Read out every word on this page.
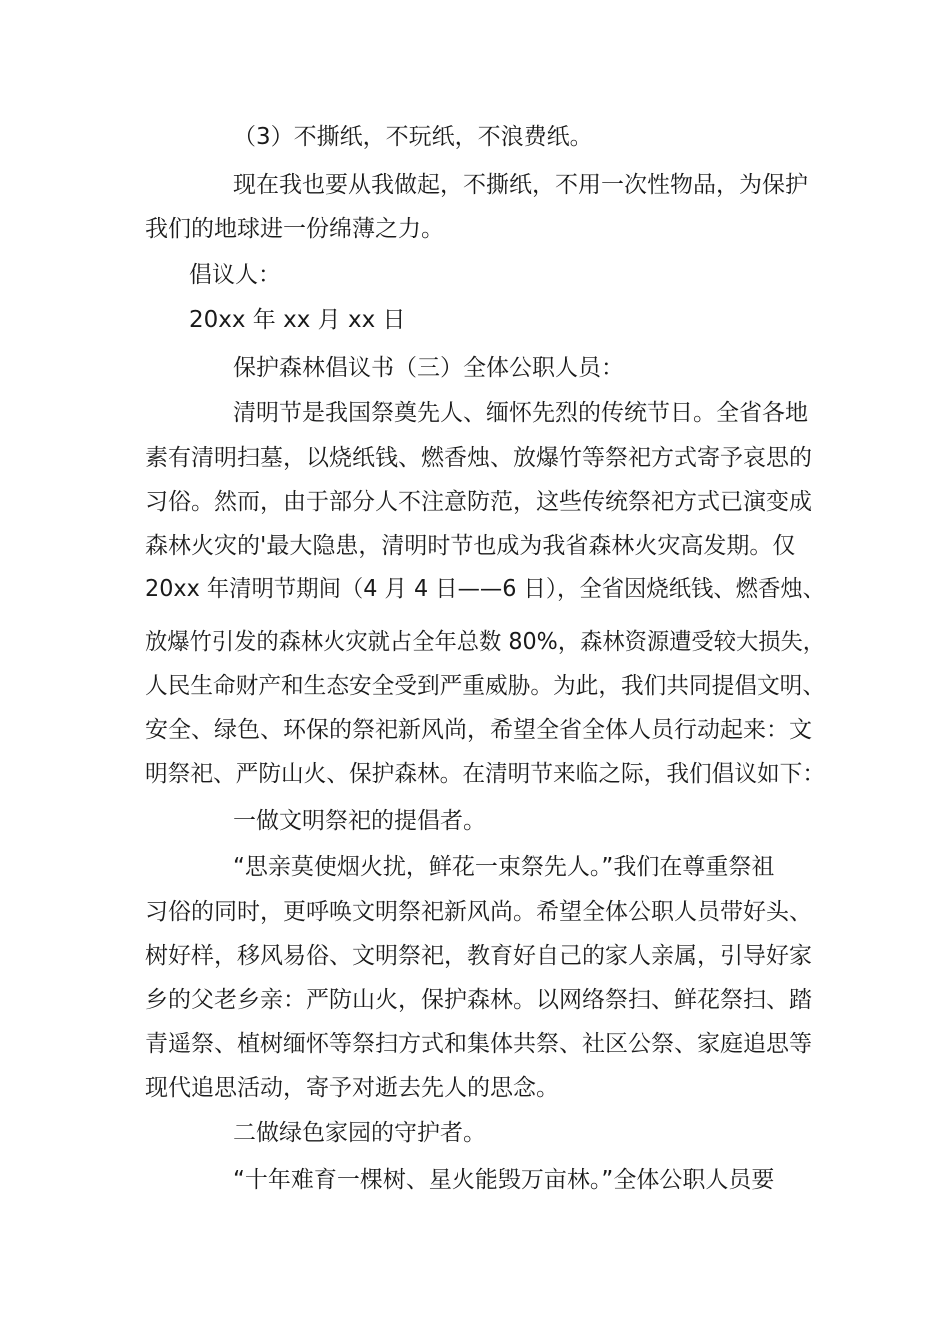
（3）不撕纸，不玩纸，不浪费纸。
现在我也要从我做起，不撕纸，不用一次性物品，为保护
我们的地球进一份绵薄之力。
倡议人：
20xx 年 xx 月 xx 日
保护森林倡议书（三）全体公职人员：
清明节是我国祭奠先人、缅怀先烈的传统节日。全省各地
素有清明扫墓，以烧纸钱、燃香烛、放爆竹等祭祀方式寄予哀思的
习俗。然而，由于部分人不注意防范，这些传统祭祀方式已演变成
森林火灾的'最大隐患，清明时节也成为我省森林火灾高发期。仅
20xx 年清明节期间（4 月 4 日——6 日），全省因烧纸钱、燃香烛、
放爆竹引发的森林火灾就占全年总数 80%，森林资源遭受较大损失，
人民生命财产和生态安全受到严重威胁。为此，我们共同提倡文明、
安全、绿色、环保的祭祀新风尚，希望全省全体人员行动起来：文
明祭祀、严防山火、保护森林。在清明节来临之际，我们倡议如下：
一做文明祭祀的提倡者。
“思亲莫使烟火扰，鲜花一束祭先人。”我们在尊重祭祖
习俗的同时，更呼唤文明祭祀新风尚。希望全体公职人员带好头、
树好样，移风易俗、文明祭祀，教育好自己的家人亲属，引导好家
乡的父老乡亲：严防山火，保护森林。以网络祭扫、鲜花祭扫、踏
青遥祭、植树缅怀等祭扫方式和集体共祭、社区公祭、家庭追思等
现代追思活动，寄予对逝去先人的思念。
二做绿色家园的守护者。
“十年难育一棵树、星火能毁万亩林。”全体公职人员要
